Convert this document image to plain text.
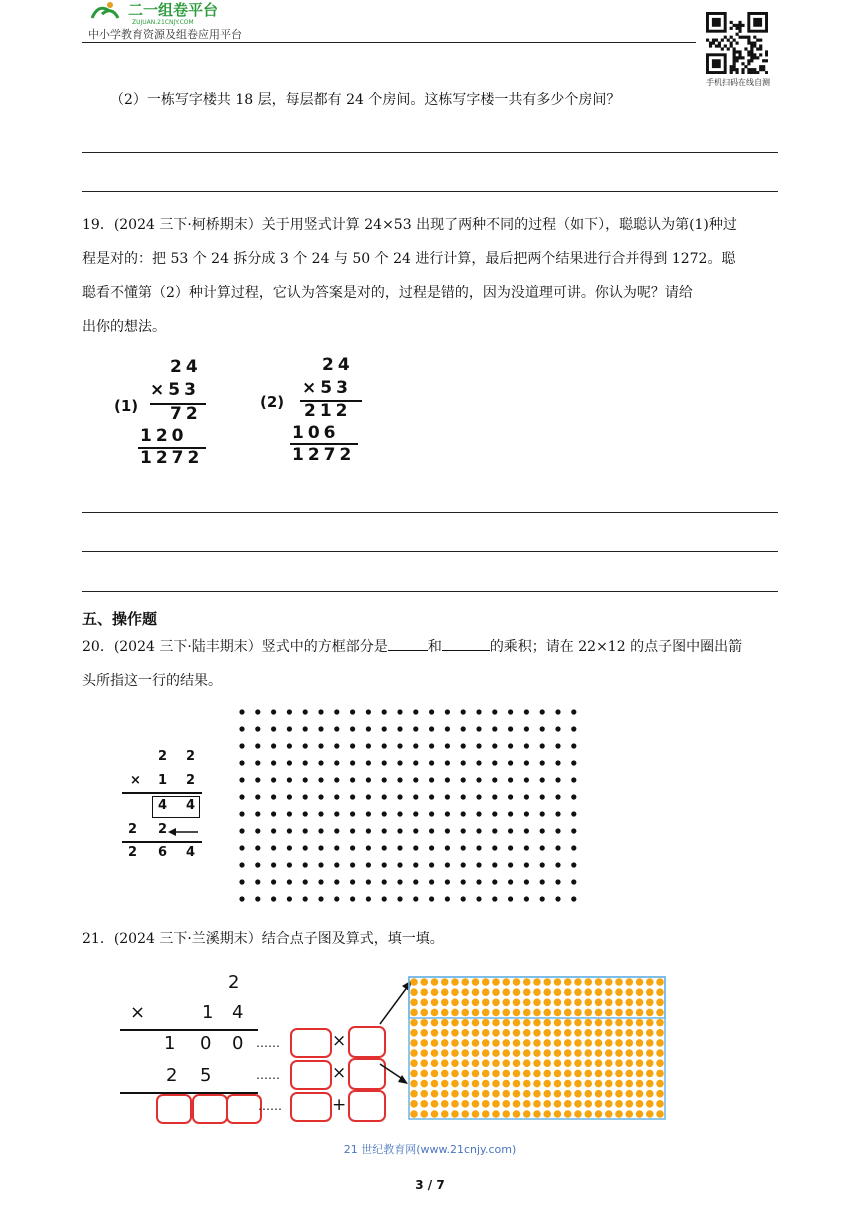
二一组卷平台
ZUJUAN.21CNJY.COM
中小学教育资源及组卷应用平台
手机扫码在线自测
（2）一栋写字楼共 18 层，每层都有 24 个房间。这栋写字楼一共有多少个房间？
19．(2024 三下·柯桥期末）关于用竖式计算 24×53 出现了两种不同的过程（如下），聪聪认为第(1)种过
程是对的：把 53 个 24 拆分成 3 个 24 与 50 个 24 进行计算，最后把两个结果进行合并得到 1272。聪
聪看不懂第（2）种计算过程，它认为答案是对的，过程是错的，因为没道理可讲。你认为呢？请给
出你的想法。
(1)
24
×53
72
120
1272
(2)
24
×53
212
106
1272
五、操作题
20．(2024 三下·陆丰期末）竖式中的方框部分是	和	的乘积；请在 22×12 的点子图中圈出箭
头所指这一行的结果。
2 2
× 1 2
4 4
2 2
2 6 4
21．(2024 三下·兰溪期末）结合点子图及算式，填一填。
2
×	1 4
1 0 0
2 5
……
……
……
×
×
+
21 世纪教育网(www.21cnjy.com)
3 / 7
